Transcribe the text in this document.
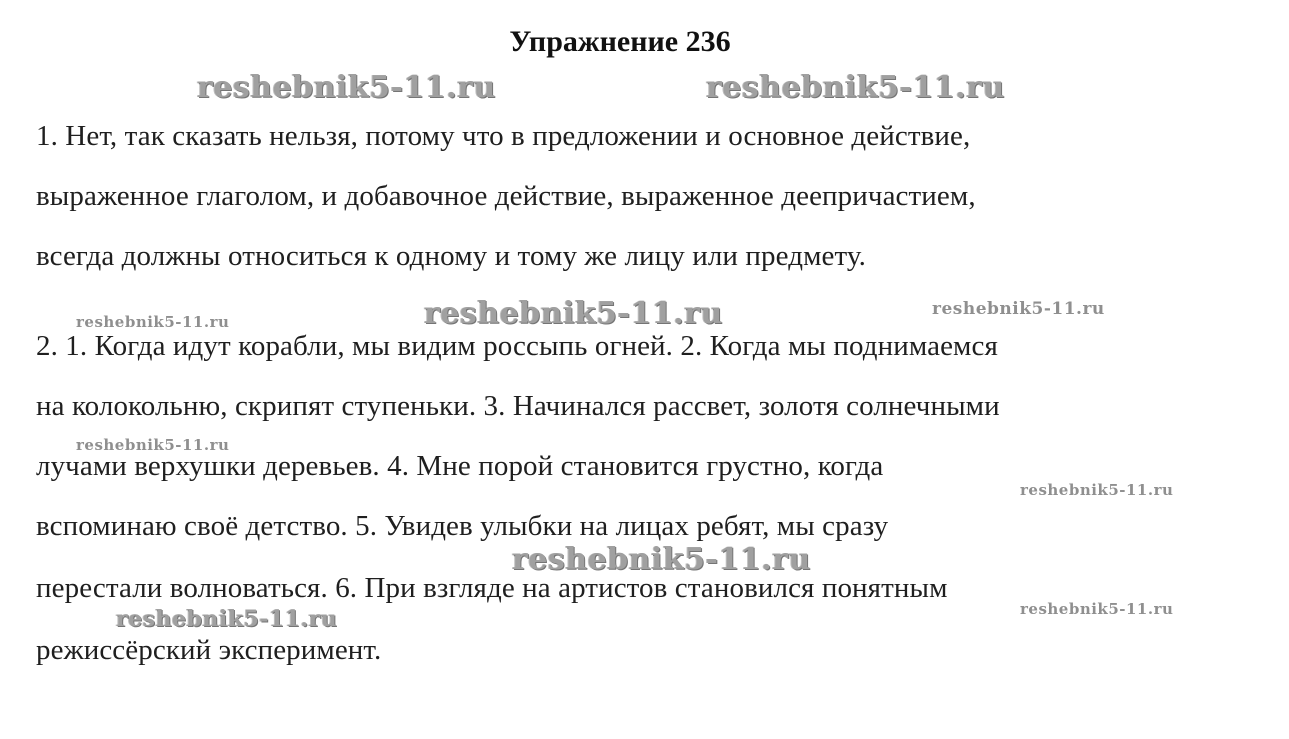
Упражнение 236
reshebnik5-11.ru	reshebnik5-11.ru
1. Нет, так сказать нельзя, потому что в предложении и основное действие,
выраженное глаголом, и добавочное действие, выраженное деепричастием,
всегда должны относиться к одному и тому же лицу или предмету.
reshebnik5-11.ru	reshebnik5-11.ru	reshebnik5-11.ru
2. 1. Когда идут корабли, мы видим россыпь огней. 2. Когда мы поднимаемся
на колокольню, скрипят ступеньки. 3. Начинался рассвет, золотя солнечными
reshebnik5-11.ru
лучами верхушки деревьев. 4. Мне порой становится грустно, когда
reshebnik5-11.ru
вспоминаю своё детство. 5. Увидев улыбки на лицах ребят, мы сразу
reshebnik5-11.ru
перестали волноваться. 6. При взгляде на артистов становился понятным
reshebnik5-11.ru	reshebnik5-11.ru
режиссёрский эксперимент.
